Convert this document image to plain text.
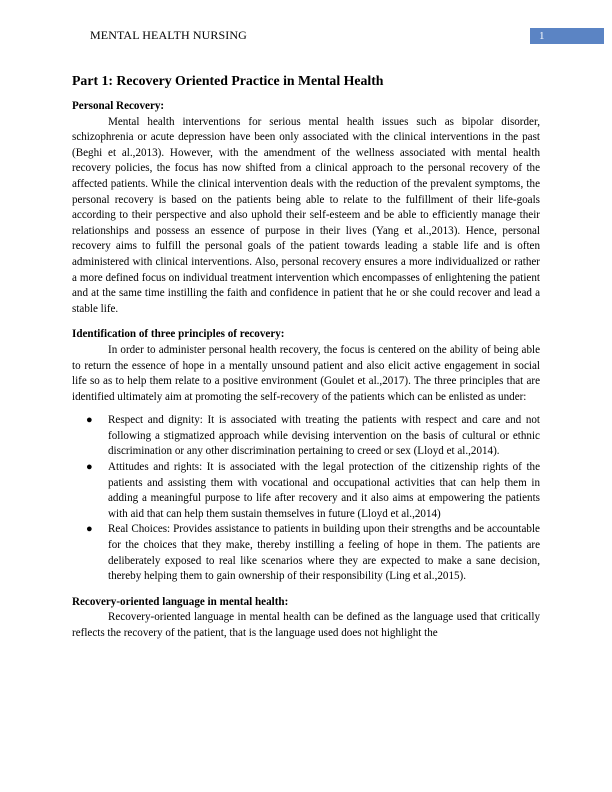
MENTAL HEALTH NURSING	1
Part 1: Recovery Oriented Practice in Mental Health
Personal Recovery:

Mental health interventions for serious mental health issues such as bipolar disorder, schizophrenia or acute depression have been only associated with the clinical interventions in the past (Beghi et al.,2013). However, with the amendment of the wellness associated with mental health recovery policies, the focus has now shifted from a clinical approach to the personal recovery of the affected patients. While the clinical intervention deals with the reduction of the prevalent symptoms, the personal recovery is based on the patients being able to relate to the fulfillment of their life-goals according to their perspective and also uphold their self-esteem and be able to efficiently manage their relationships and possess an essence of purpose in their lives (Yang et al.,2013). Hence, personal recovery aims to fulfill the personal goals of the patient towards leading a stable life and is often administered with clinical interventions. Also, personal recovery ensures a more individualized or rather a more defined focus on individual treatment intervention which encompasses of enlightening the patient and at the same time instilling the faith and confidence in patient that he or she could recover and lead a stable life.

Identification of three principles of recovery:

In order to administer personal health recovery, the focus is centered on the ability of being able to return the essence of hope in a mentally unsound patient and also elicit active engagement in social life so as to help them relate to a positive environment (Goulet et al.,2017). The three principles that are identified ultimately aim at promoting the self-recovery of the patients which can be enlisted as under:

● Respect and dignity: It is associated with treating the patients with respect and care and not following a stigmatized approach while devising intervention on the basis of cultural or ethnic discrimination or any other discrimination pertaining to creed or sex (Lloyd et al.,2014).
● Attitudes and rights: It is associated with the legal protection of the citizenship rights of the patients and assisting them with vocational and occupational activities that can help them in adding a meaningful purpose to life after recovery and it also aims at empowering the patients with aid that can help them sustain themselves in future (Lloyd et al.,2014)
● Real Choices: Provides assistance to patients in building upon their strengths and be accountable for the choices that they make, thereby instilling a feeling of hope in them. The patients are deliberately exposed to real like scenarios where they are expected to make a sane decision, thereby helping them to gain ownership of their responsibility (Ling et al.,2015).
Recovery-oriented language in mental health:

Recovery-oriented language in mental health can be defined as the language used that critically reflects the recovery of the patient, that is the language used does not highlight the
